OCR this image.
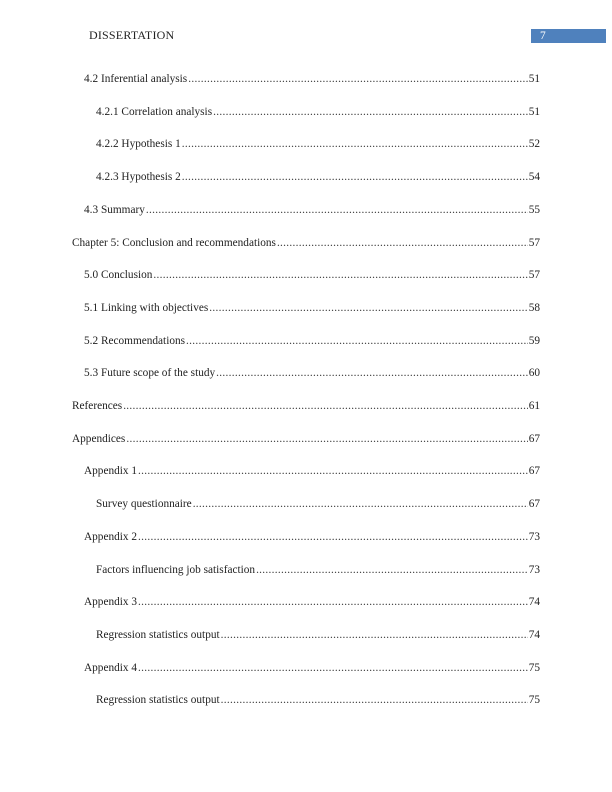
DISSERTATION	7
4.2 Inferential analysis .....	51
4.2.1 Correlation analysis .....	51
4.2.2 Hypothesis 1 .....	52
4.2.3 Hypothesis 2 .....	54
4.3 Summary .....	55
Chapter 5: Conclusion and recommendations .....	57
5.0 Conclusion .....	57
5.1 Linking with objectives .....	58
5.2 Recommendations .....	59
5.3 Future scope of the study .....	60
References .....	61
Appendices .....	67
Appendix 1 .....	67
Survey questionnaire .....	67
Appendix 2 .....	73
Factors influencing job satisfaction .....	73
Appendix 3 .....	74
Regression statistics output .....	74
Appendix 4 .....	75
Regression statistics output .....	75
